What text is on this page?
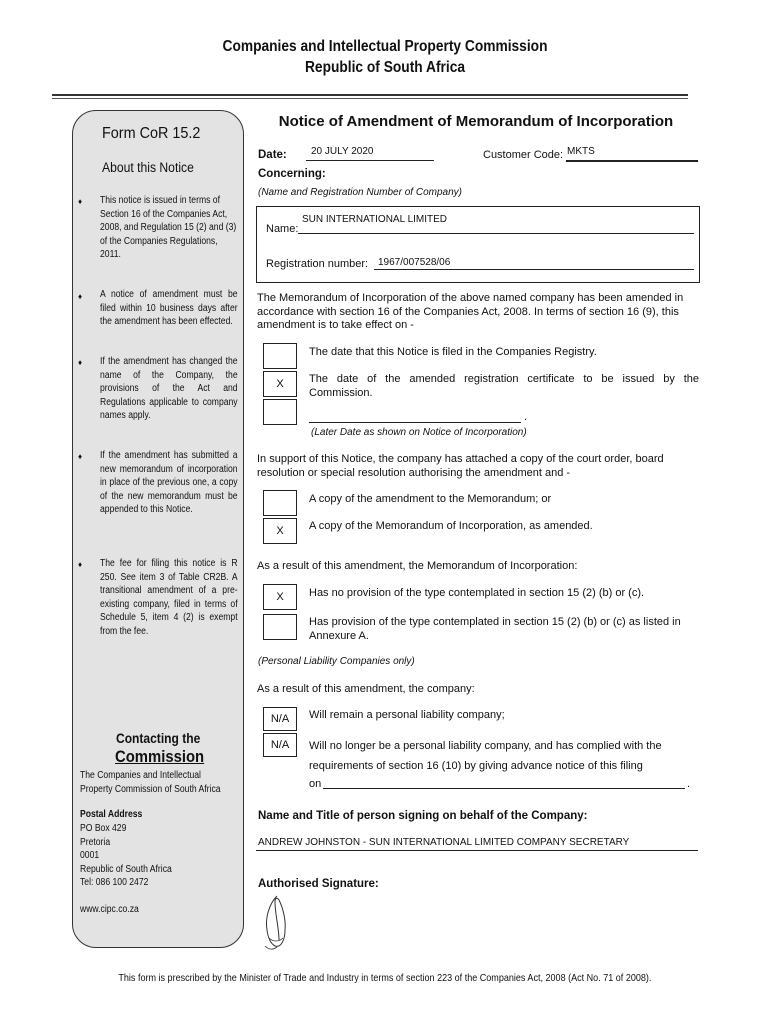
Companies and Intellectual Property Commission
Republic of South Africa
Form CoR 15.2
About this Notice
♦ This notice is issued in terms of Section 16 of the Companies Act, 2008, and Regulation 15 (2) and (3) of the Companies Regulations, 2011.
♦ A notice of amendment must be filed within 10 business days after the amendment has been effected.
♦ If the amendment has changed the name of the Company, the provisions of the Act and Regulations applicable to company names apply.
♦ If the amendment has submitted a new memorandum of incorporation in place of the previous one, a copy of the new memorandum must be appended to this Notice.
♦ The fee for filing this notice is R 250. See item 3 of Table CR2B. A transitional amendment of a pre-existing company, filed in terms of Schedule 5, item 4 (2) is exempt from the fee.
Contacting the
Commission
The Companies and Intellectual Property Commission of South Africa
Postal Address
PO Box 429
Pretoria
0001
Republic of South Africa
Tel: 086 100 2472
www.cipc.co.za
Notice of Amendment of Memorandum of Incorporation
Date: 20 JULY 2020	Customer Code: MKTS
Concerning:
(Name and Registration Number of Company)
Name:
SUN INTERNATIONAL LIMITED
Registration number: 1967/007528/06
The Memorandum of Incorporation of the above named company has been amended in accordance with section 16 of the Companies Act, 2008. In terms of section 16 (9), this amendment is to take effect on -
The date that this Notice is filed in the Companies Registry.
X	The date of the amended registration certificate to be issued by the Commission.
.
(Later Date as shown on Notice of Incorporation)
In support of this Notice, the company has attached a copy of the court order, board resolution or special resolution authorising the amendment and -
A copy of the amendment to the Memorandum; or
X	A copy of the Memorandum of Incorporation, as amended.
As a result of this amendment, the Memorandum of Incorporation:
X	Has no provision of the type contemplated in section 15 (2) (b) or (c).
Has provision of the type contemplated in section 15 (2) (b) or (c) as listed in Annexure A.
(Personal Liability Companies only)
As a result of this amendment, the company:
N/A	Will remain a personal liability company;
N/A	Will no longer be a personal liability company, and has complied with the requirements of section 16 (10) by giving advance notice of this filing
on	.
Name and Title of person signing on behalf of the Company:
ANDREW JOHNSTON - SUN INTERNATIONAL LIMITED COMPANY SECRETARY
Authorised Signature:
This form is prescribed by the Minister of Trade and Industry in terms of section 223 of the Companies Act, 2008 (Act No. 71 of 2008).
